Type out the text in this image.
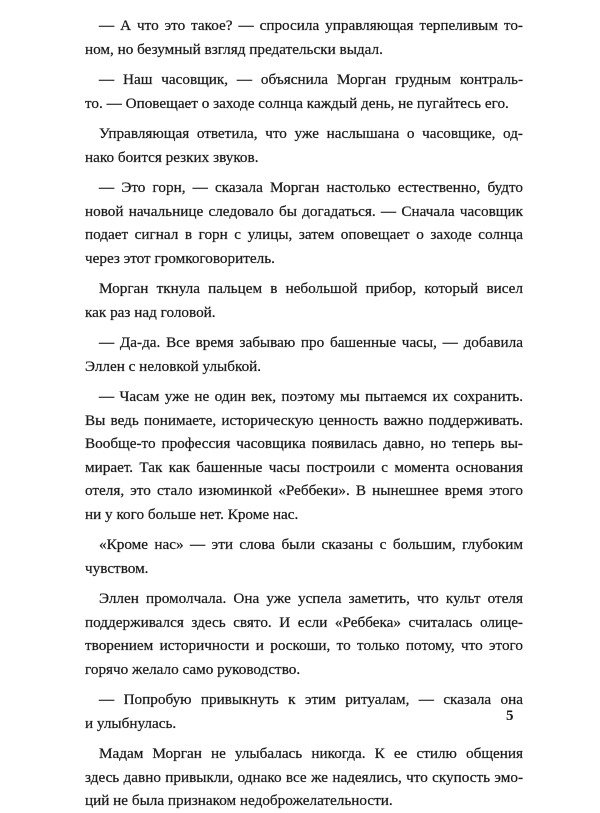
— А что это такое? — спросила управляющая терпеливым то-
ном, но безумный взгляд предательски выдал.
— Наш часовщик, — объяснила Морган грудным контраль-
то. — Оповещает о заходе солнца каждый день, не пугайтесь его.
Управляющая ответила, что уже наслышана о часовщике, од-
нако боится резких звуков.
— Это горн, — сказала Морган настолько естественно, будто
новой начальнице следовало бы догадаться. — Сначала часовщик
подает сигнал в горн с улицы, затем оповещает о заходе солнца
через этот громкоговоритель.
Морган ткнула пальцем в небольшой прибор, который висел
как раз над головой.
— Да-да. Все время забываю про башенные часы, — добавила
Эллен с неловкой улыбкой.
— Часам уже не один век, поэтому мы пытаемся их сохранить.
Вы ведь понимаете, историческую ценность важно поддерживать.
Вообще-то профессия часовщика появилась давно, но теперь вы-
мирает. Так как башенные часы построили с момента основания
отеля, это стало изюминкой «Реббеки». В нынешнее время этого
ни у кого больше нет. Кроме нас.
«Кроме нас» — эти слова были сказаны с большим, глубоким
чувством.
Эллен промолчала. Она уже успела заметить, что культ отеля
поддерживался здесь свято. И если «Реббека» считалась олице-
творением историчности и роскоши, то только потому, что этого
горячо желало само руководство.
— Попробую привыкнуть к этим ритуалам, — сказала она
и улыбнулась.
Мадам Морган не улыбалась никогда. К ее стилю общения
здесь давно привыкли, однако все же надеялись, что скупость эмо-
ций не была признаком недоброжелательности.
5
